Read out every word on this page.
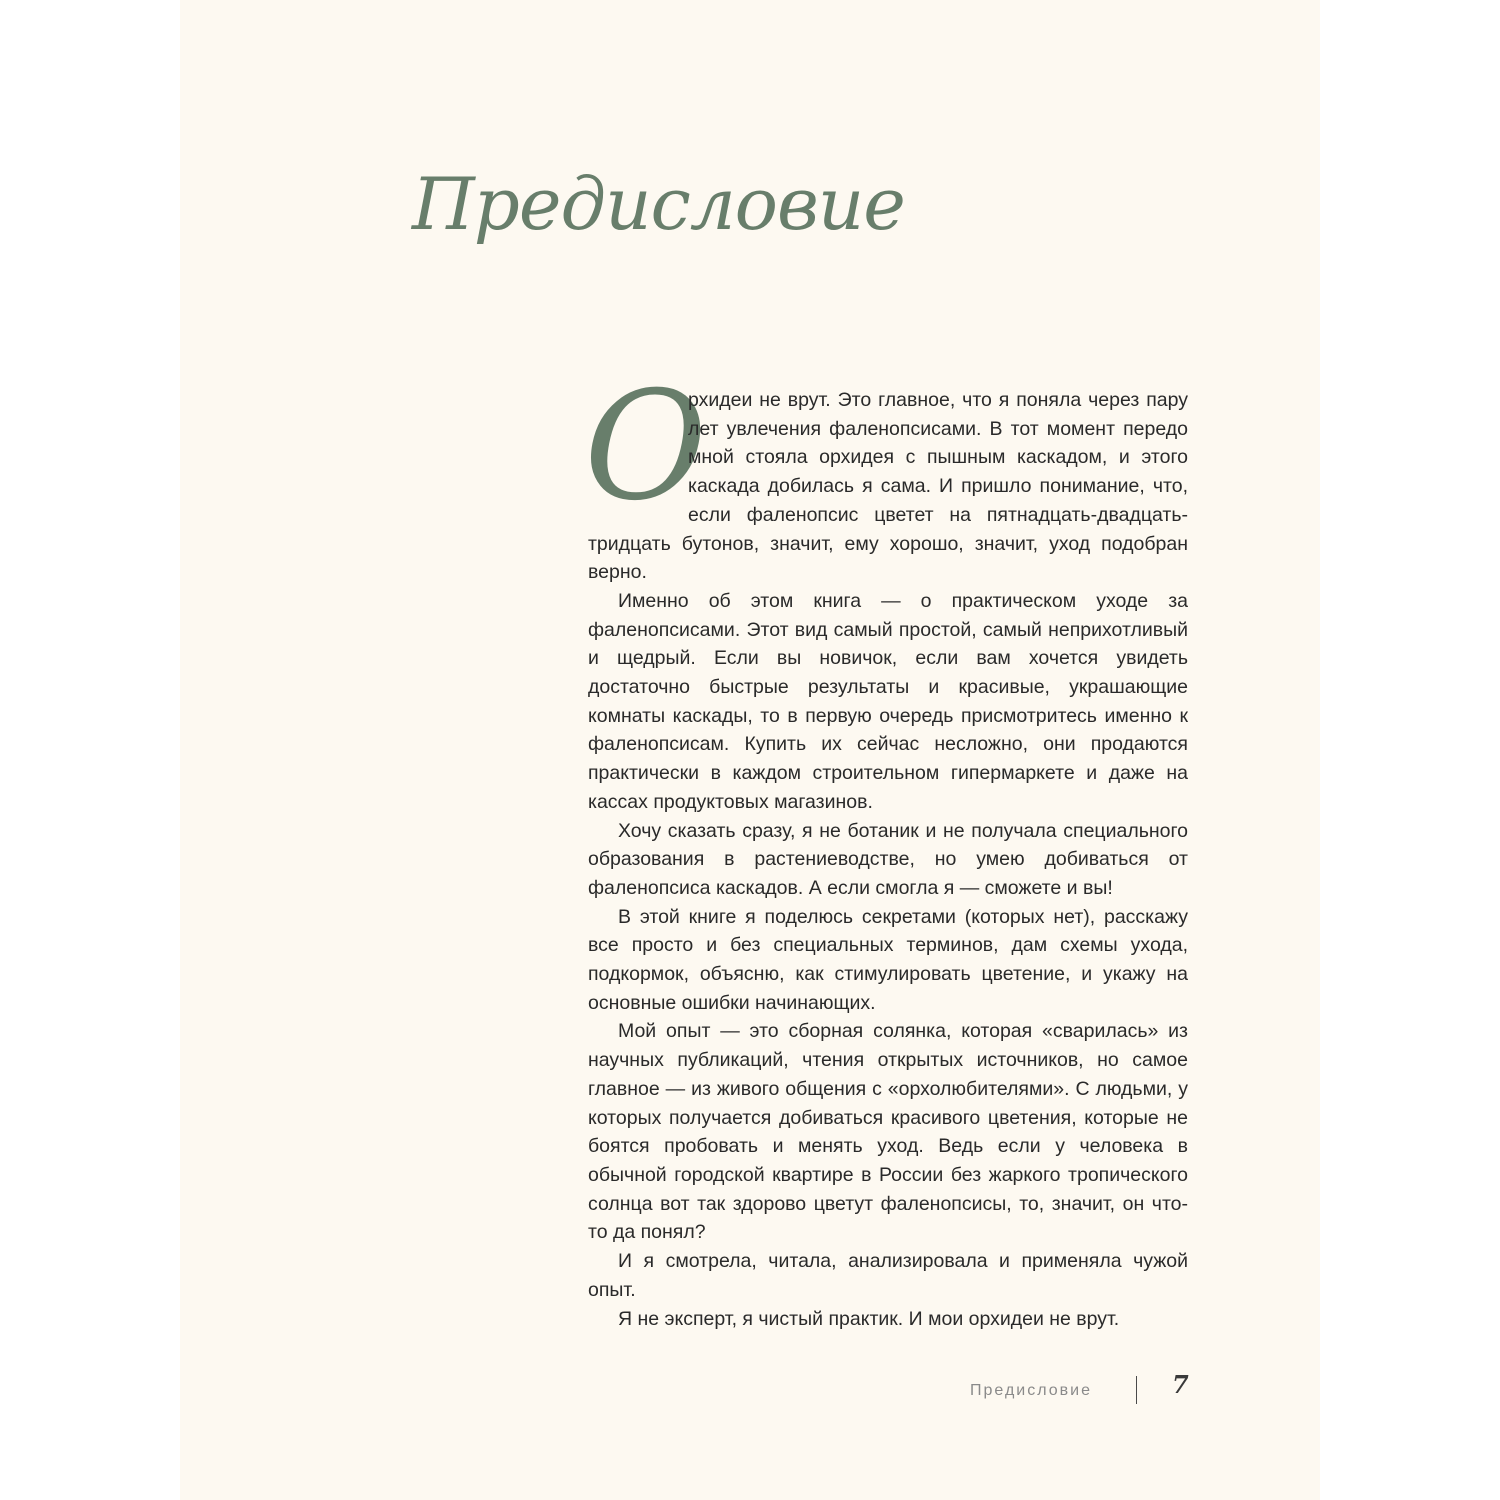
Предисловие

О
рхидеи не врут. Это главное, что я поняла через пару лет увлечения фаленопсисами. В тот момент передо мной стояла орхидея с пышным каскадом, и этого каскада добилась я сама. И пришло понимание, что, если фаленопсис цветет на пятнадцать-двадцать-тридцать бутонов, значит, ему хорошо, значит, уход подобран верно.

Именно об этом книга — о практическом уходе за фаленопсисами. Этот вид самый простой, самый неприхотливый и щедрый. Если вы новичок, если вам хочется увидеть достаточно быстрые результаты и красивые, украшающие комнаты каскады, то в первую очередь присмотритесь именно к фаленопсисам. Купить их сейчас несложно, они продаются практически в каждом строительном гипермаркете и даже на кассах продуктовых магазинов.

Хочу сказать сразу, я не ботаник и не получала специального образования в растениеводстве, но умею добиваться от фаленопсиса каскадов. А если смогла я — сможете и вы!

В этой книге я поделюсь секретами (которых нет), расскажу все просто и без специальных терминов, дам схемы ухода, подкормок, объясню, как стимулировать цветение, и укажу на основные ошибки начинающих.

Мой опыт — это сборная солянка, которая «сварилась» из научных публикаций, чтения открытых источников, но самое главное — из живого общения с «орхолюбителями». С людьми, у которых получается добиваться красивого цветения, которые не боятся пробовать и менять уход. Ведь если у человека в обычной городской квартире в России без жаркого тропического солнца вот так здорово цветут фаленопсисы, то, значит, он что-то да понял?

И я смотрела, читала, анализировала и применяла чужой опыт.

Я не эксперт, я чистый практик. И мои орхидеи не врут.

Предисловие	7
